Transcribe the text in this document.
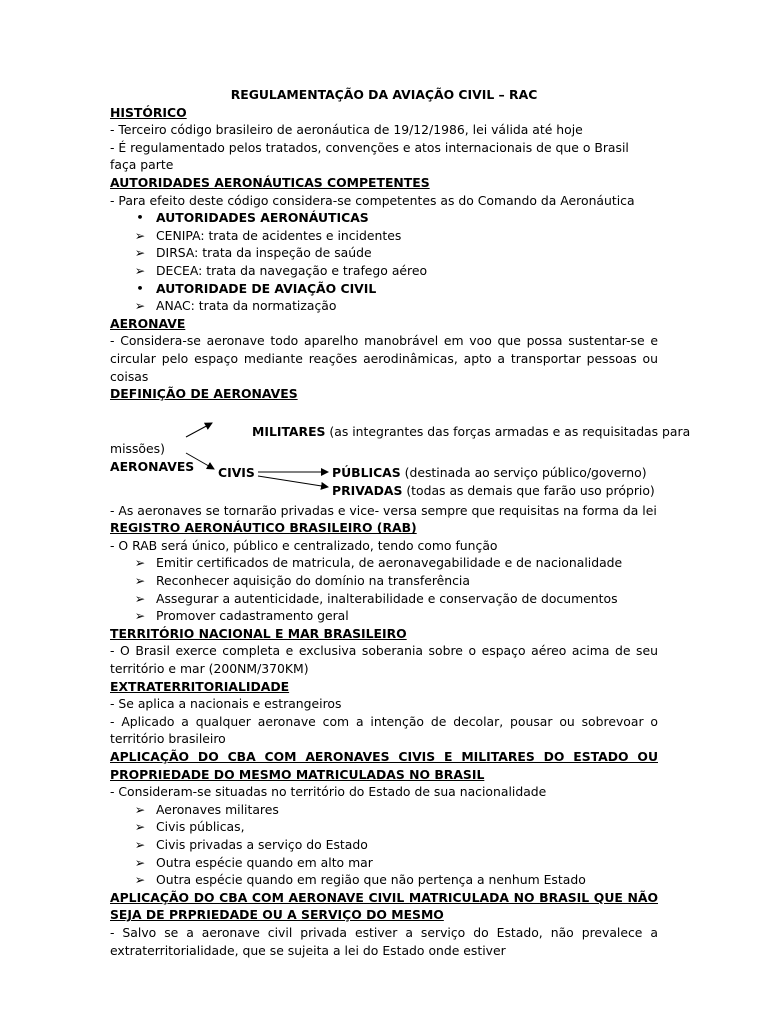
REGULAMENTAÇÃO DA AVIAÇÃO CIVIL – RAC

HISTÓRICO

- Terceiro código brasileiro de aeronáutica de 19/12/1986, lei válida até hoje

- É regulamentado pelos tratados, convenções e atos internacionais de que o Brasil faça parte

AUTORIDADES AERONÁUTICAS COMPETENTES

- Para efeito deste código considera-se competentes as do Comando da Aeronáutica

•	AUTORIDADES AERONÁUTICAS
➢ CENIPA: trata de acidentes e incidentes
➢ DIRSA: trata da inspeção de saúde
➢ DECEA: trata da navegação e trafego aéreo
•	AUTORIDADE DE AVIAÇÃO CIVIL
➢ ANAC: trata da normatização

AERONAVE

- Considera-se aeronave todo aparelho manobrável em voo que possa sustentar-se e circular pelo espaço mediante reações aerodinâmicas, apto a transportar pessoas ou coisas

DEFINIÇÃO DE AERONAVES

MILITARES (as integrantes das forças armadas e as requisitadas para
missões)
AERONAVES CIVIS	PÚBLICAS (destinada ao serviço público/governo)
PRIVADAS (todas as demais que farão uso próprio)

- As aeronaves se tornarão privadas e vice- versa sempre que requisitas na forma da lei

REGISTRO AERONÁUTICO BRASILEIRO (RAB)

- O RAB será único, público e centralizado, tendo como função

➢ Emitir certificados de matricula, de aeronavegabilidade e de nacionalidade
➢ Reconhecer aquisição do domínio na transferência
➢ Assegurar a autenticidade, inalterabilidade e conservação de documentos
➢ Promover cadastramento geral

TERRITÓRIO NACIONAL E MAR BRASILEIRO

- O Brasil exerce completa e exclusiva soberania sobre o espaço aéreo acima de seu território e mar (200NM/370KM)

EXTRATERRITORIALIDADE

- Se aplica a nacionais e estrangeiros

- Aplicado a qualquer aeronave com a intenção de decolar, pousar ou sobrevoar o território brasileiro

APLICAÇÃO DO CBA COM AERONAVES CIVIS E MILITARES DO ESTADO OU PROPRIEDADE DO MESMO MATRICULADAS NO BRASIL

- Consideram-se situadas no território do Estado de sua nacionalidade

➢ Aeronaves militares
➢ Civis públicas,
➢ Civis privadas a serviço do Estado
➢ Outra espécie quando em alto mar
➢ Outra espécie quando em região que não pertença a nenhum Estado

APLICAÇÃO DO CBA COM AERONAVE CIVIL MATRICULADA NO BRASIL QUE NÃO SEJA DE PRPRIEDADE OU A SERVIÇO DO MESMO

- Salvo se a aeronave civil privada estiver a serviço do Estado, não prevalece a extraterritorialidade, que se sujeita a lei do Estado onde estiver
